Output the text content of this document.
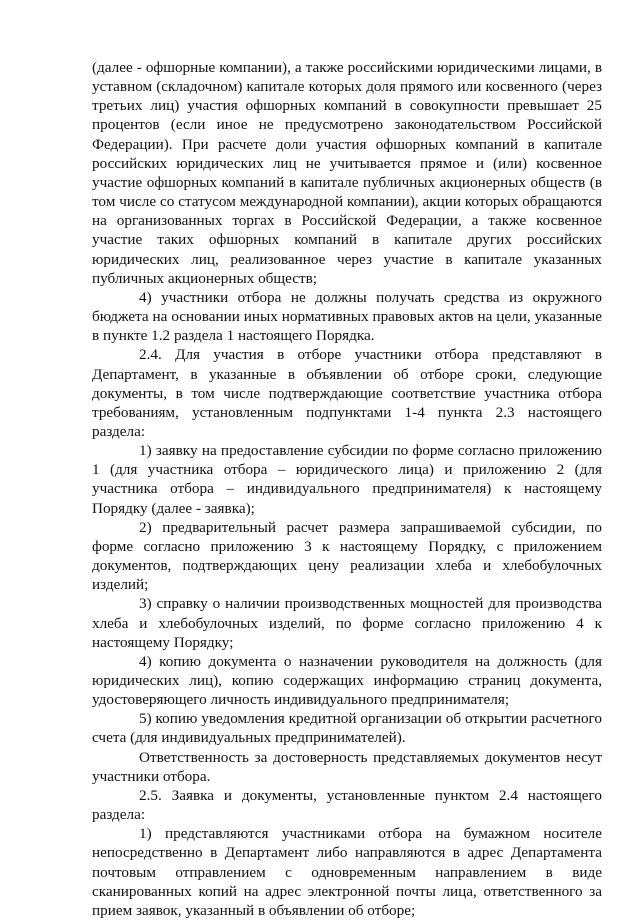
(далее - офшорные компании), а также российскими юридическими лицами, в уставном (складочном) капитале которых доля прямого или косвенного (через третьих лиц) участия офшорных компаний в совокупности превышает 25 процентов (если иное не предусмотрено законодательством Российской Федерации). При расчете доли участия офшорных компаний в капитале российских юридических лиц не учитывается прямое и (или) косвенное участие офшорных компаний в капитале публичных акционерных обществ (в том числе со статусом международной компании), акции которых обращаются на организованных торгах в Российской Федерации, а также косвенное участие таких офшорных компаний в капитале других российских юридических лиц, реализованное через участие в капитале указанных публичных акционерных обществ;

4) участники отбора не должны получать средства из окружного бюджета на основании иных нормативных правовых актов на цели, указанные в пункте 1.2 раздела 1 настоящего Порядка.

2.4. Для участия в отборе участники отбора представляют в Департамент, в указанные в объявлении об отборе сроки, следующие документы, в том числе подтверждающие соответствие участника отбора требованиям, установленным подпунктами 1-4 пункта 2.3 настоящего раздела:

1) заявку на предоставление субсидии по форме согласно приложению 1 (для участника отбора – юридического лица) и приложению 2 (для участника отбора – индивидуального предпринимателя) к настоящему Порядку (далее - заявка);

2) предварительный расчет размера запрашиваемой субсидии, по форме согласно приложению 3 к настоящему Порядку, с приложением документов, подтверждающих цену реализации хлеба и хлебобулочных изделий;

3) справку о наличии производственных мощностей для производства хлеба и хлебобулочных изделий, по форме согласно приложению 4 к настоящему Порядку;

4) копию документа о назначении руководителя на должность (для юридических лиц), копию содержащих информацию страниц документа, удостоверяющего личность индивидуального предпринимателя;

5) копию уведомления кредитной организации об открытии расчетного счета (для индивидуальных предпринимателей).

Ответственность за достоверность представляемых документов несут участники отбора.

2.5. Заявка и документы, установленные пунктом 2.4 настоящего раздела:

1) представляются участниками отбора на бумажном носителе непосредственно в Департамент либо направляются в адрес Департамента почтовым отправлением с одновременным направлением в виде сканированных копий на адрес электронной почты лица, ответственного за прием заявок, указанный в объявлении об отборе;
